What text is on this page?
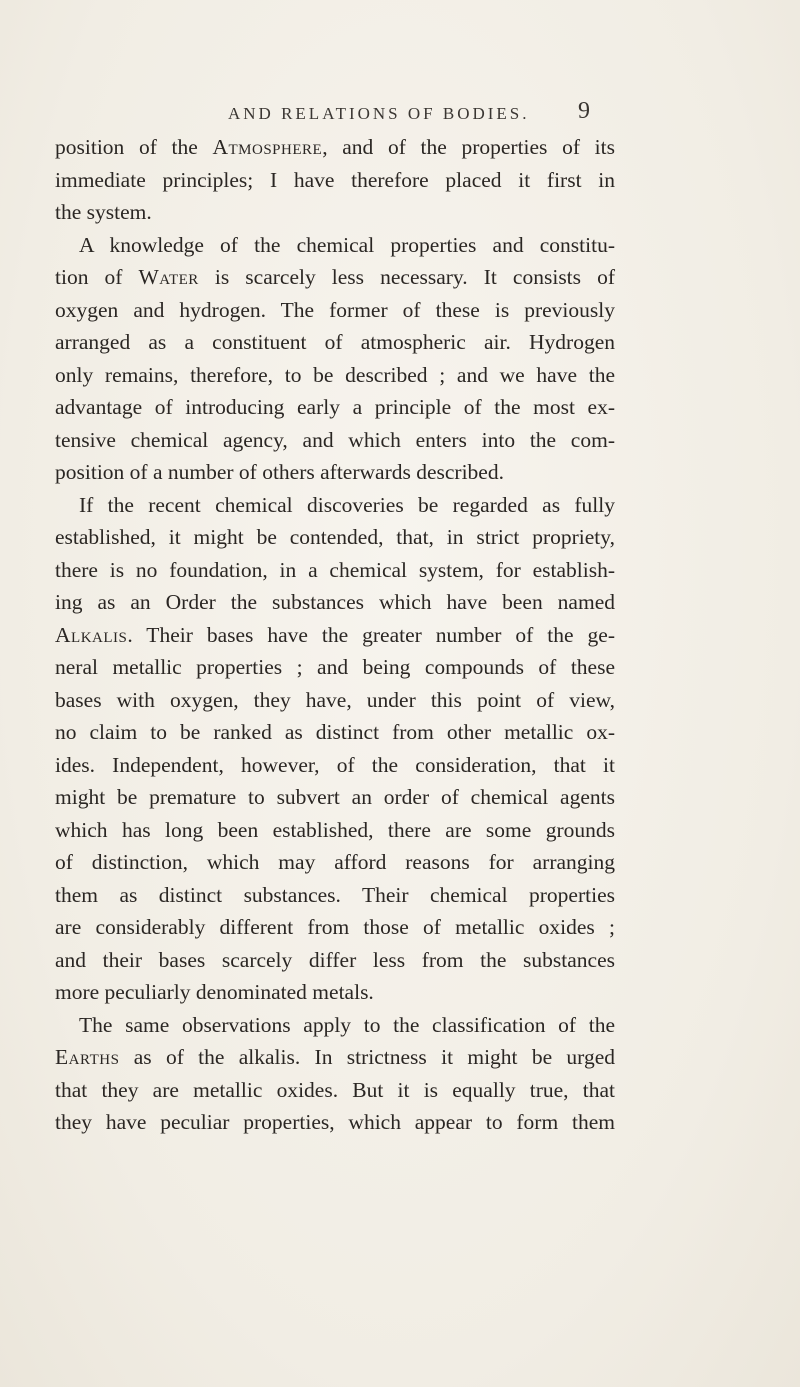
AND RELATIONS OF BODIES.	9
position of the Atmosphere, and of the properties of its
immediate principles; I have therefore placed it first in
the system.
A knowledge of the chemical properties and constitu-
tion of Water is scarcely less necessary. It consists of
oxygen and hydrogen. The former of these is previously
arranged as a constituent of atmospheric air. Hydrogen
only remains, therefore, to be described ; and we have the
advantage of introducing early a principle of the most ex-
tensive chemical agency, and which enters into the com-
position of a number of others afterwards described.
If the recent chemical discoveries be regarded as fully
established, it might be contended, that, in strict propriety,
there is no foundation, in a chemical system, for establish-
ing as an Order the substances which have been named
Alkalis. Their bases have the greater number of the ge-
neral metallic properties ; and being compounds of these
bases with oxygen, they have, under this point of view,
no claim to be ranked as distinct from other metallic ox-
ides. Independent, however, of the consideration, that it
might be premature to subvert an order of chemical agents
which has long been established, there are some grounds
of distinction, which may afford reasons for arranging
them as distinct substances. Their chemical properties
are considerably different from those of metallic oxides ;
and their bases scarcely differ less from the substances
more peculiarly denominated metals.
The same observations apply to the classification of the
Earths as of the alkalis. In strictness it might be urged
that they are metallic oxides. But it is equally true, that
they have peculiar properties, which appear to form them
